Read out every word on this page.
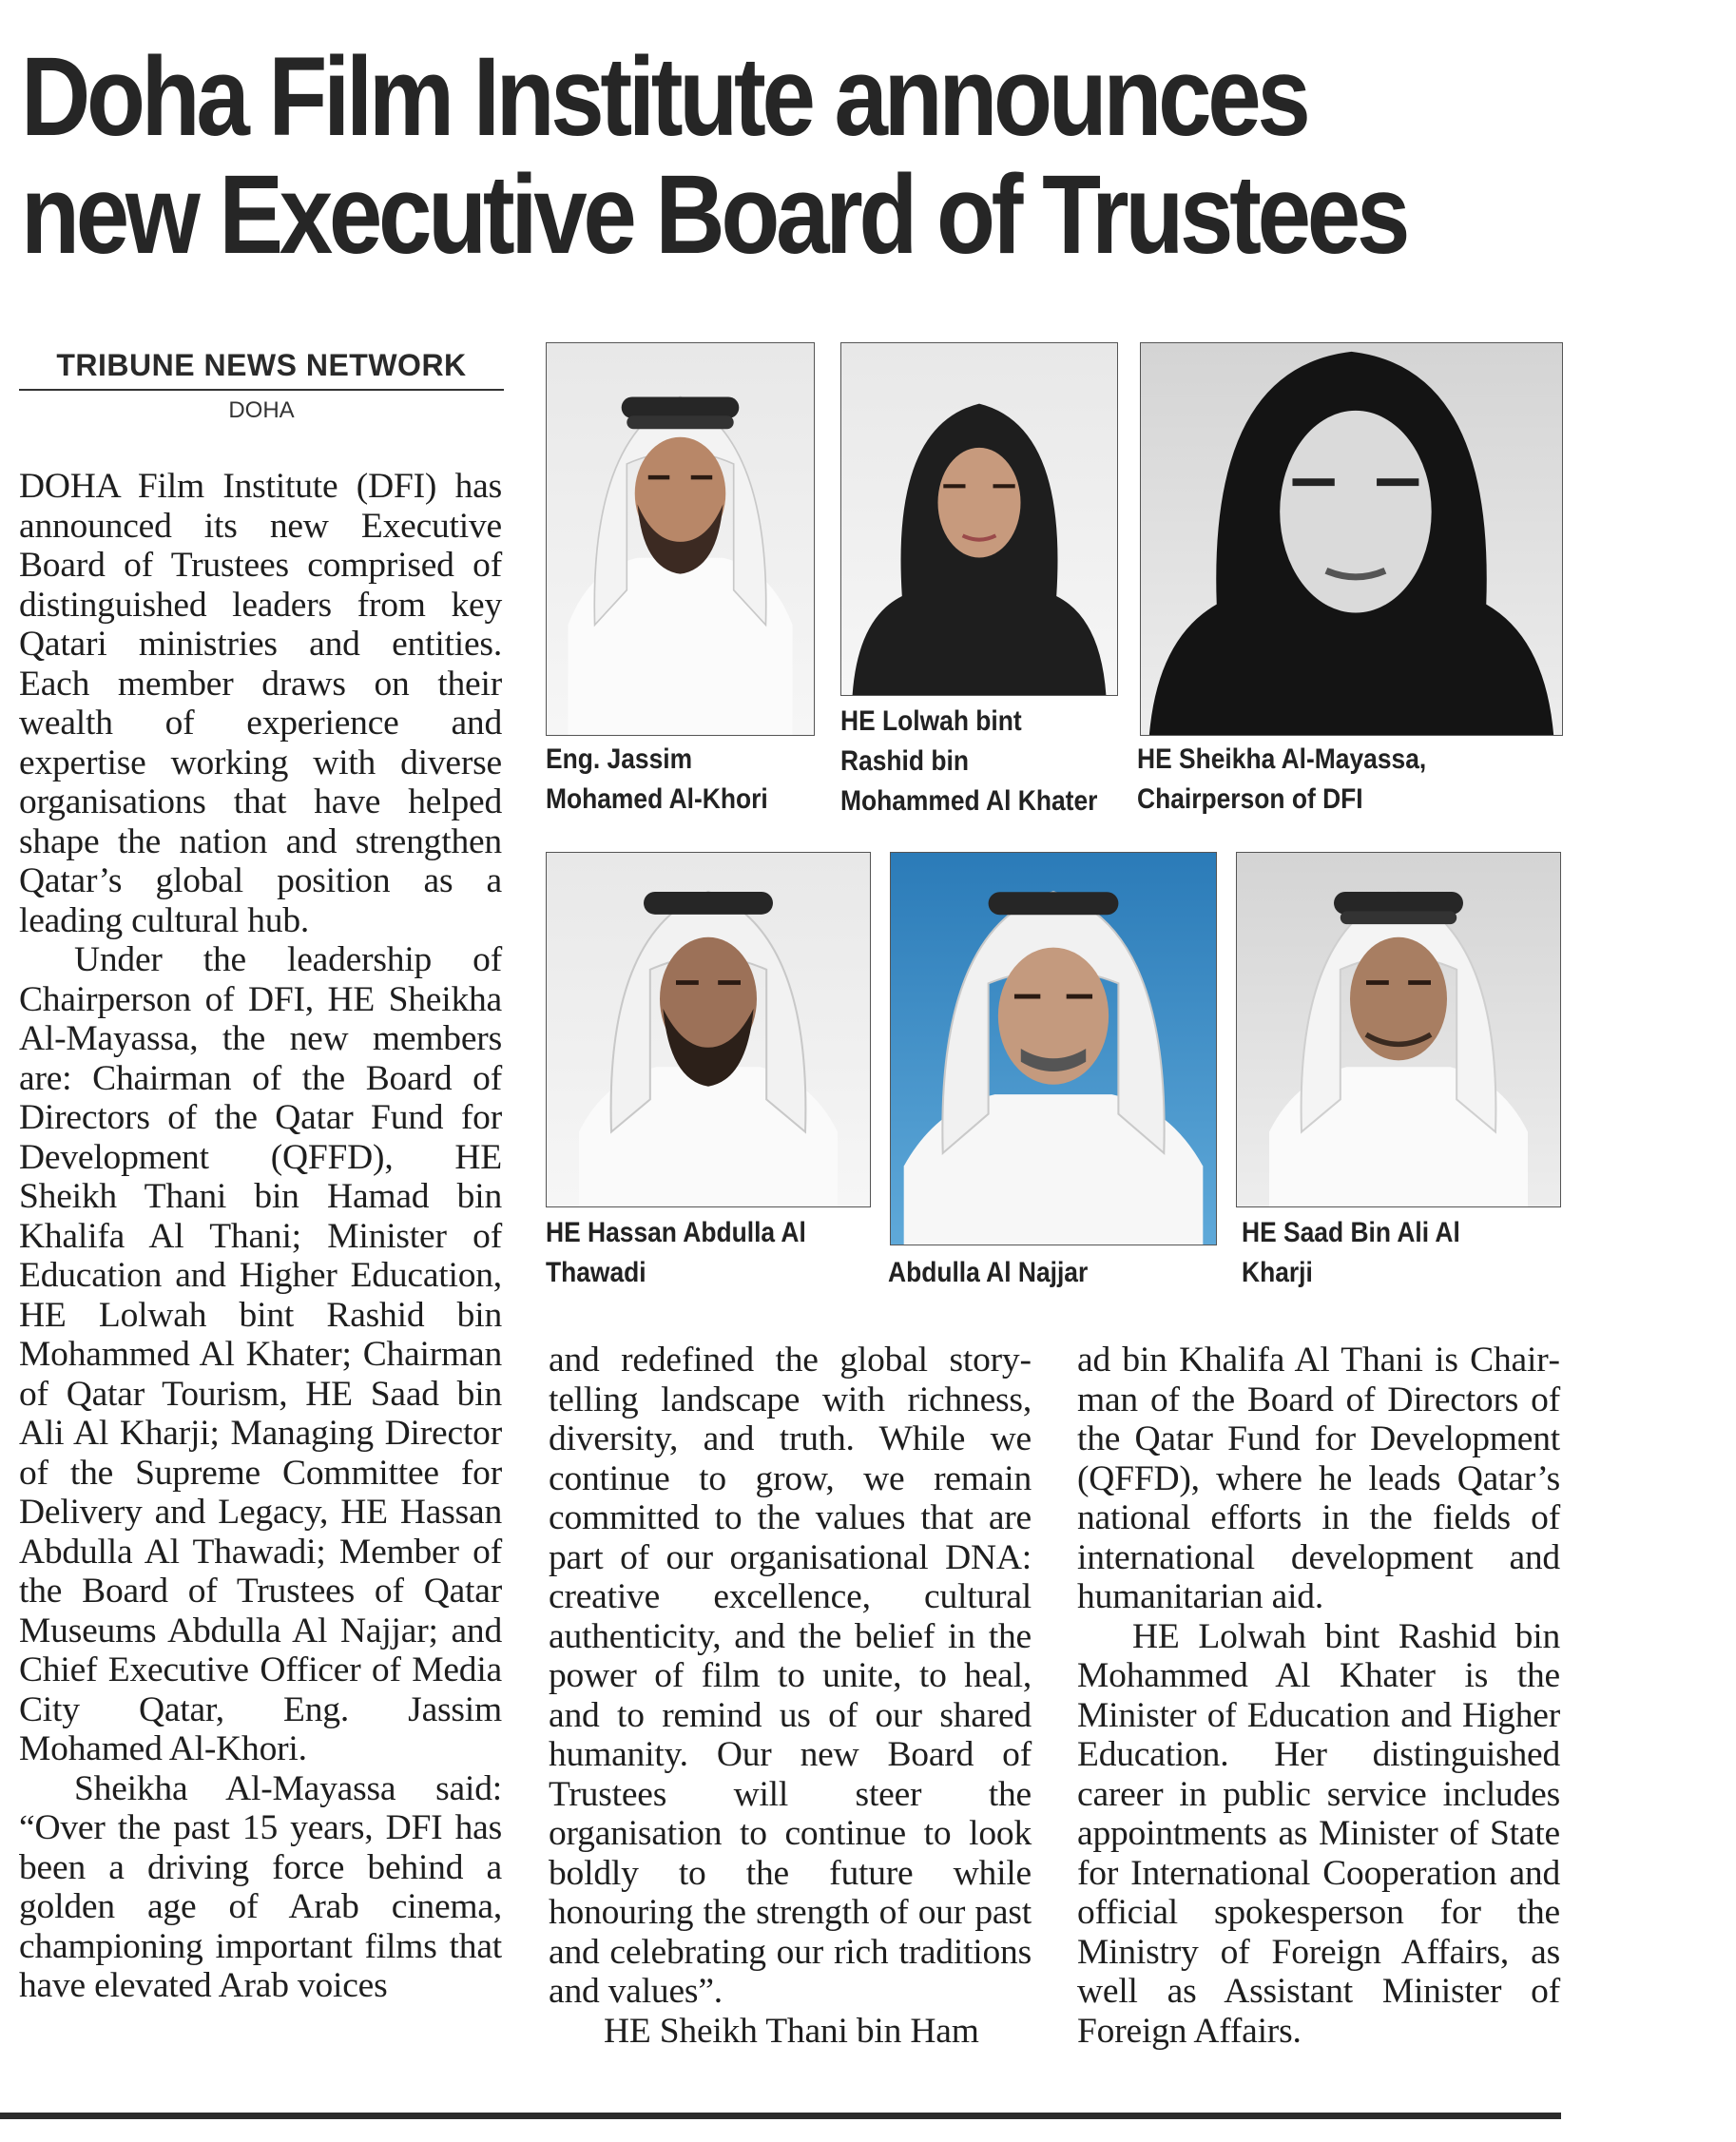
Doha Film Institute announces
new Executive Board of Trustees
TRIBUNE NEWS NETWORK
DOHA

DOHA Film Institute (DFI) has announced its new Executive Board of Trustees comprised of distinguished leaders from key Qatari ministries and entities. Each member draws on their wealth of experience and expertise working with diverse organisations that have helped shape the nation and strengthen Qatar’s global position as a leading cultural hub.

Under the leadership of Chairperson of DFI, HE Sheikha Al-Mayassa, the new members are: Chairman of the Board of Directors of the Qatar Fund for Development (QFFD), HE Sheikh Thani bin Hamad bin Khalifa Al Thani; Minister of Education and Higher Education, HE Lolwah bint Rashid bin Mohammed Al Khater; Chairman of Qatar Tourism, HE Saad bin Ali Al Kharji; Managing Director of the Supreme Committee for Delivery and Legacy, HE Hassan Abdulla Al Thawadi; Member of the Board of Trustees of Qatar Museums Abdulla Al Najjar; and Chief Executive Officer of Media City Qatar, Eng. Jassim Mohamed Al-Khori.

Sheikha Al-Mayassa said: “Over the past 15 years, DFI has been a driving force behind a golden age of Arab cinema, championing important films that have elevated Arab voices

and redefined the global storytelling landscape with richness, diversity, and truth. While we continue to grow, we remain committed to the values that are part of our organisational DNA: creative excellence, cultural authenticity, and the belief in the power of film to unite, to heal, and to remind us of our shared humanity. Our new Board of Trustees will steer the organisation to continue to look boldly to the future while honouring the strength of our past and celebrating our rich traditions and values”.

HE Sheikh Thani bin Ham

ad bin Khalifa Al Thani is Chairman of the Board of Directors of the Qatar Fund for Development (QFFD), where he leads Qatar’s national efforts in the fields of international development and humanitarian aid.

HE Lolwah bint Rashid bin Mohammed Al Khater is the Minister of Education and Higher Education. Her distinguished career in public service includes appointments as Minister of State for International Cooperation and official spokesperson for the Ministry of Foreign Affairs, as well as Assistant Minister of Foreign Affairs.

Eng. Jassim Mohamed Al-Khori
HE Lolwah bint Rashid bin Mohammed Al Khater
HE Sheikha Al-Mayassa, Chairperson of DFI
HE Hassan Abdulla Al Thawadi	Abdulla Al Najjar
HE Saad Bin Ali Al Kharji
